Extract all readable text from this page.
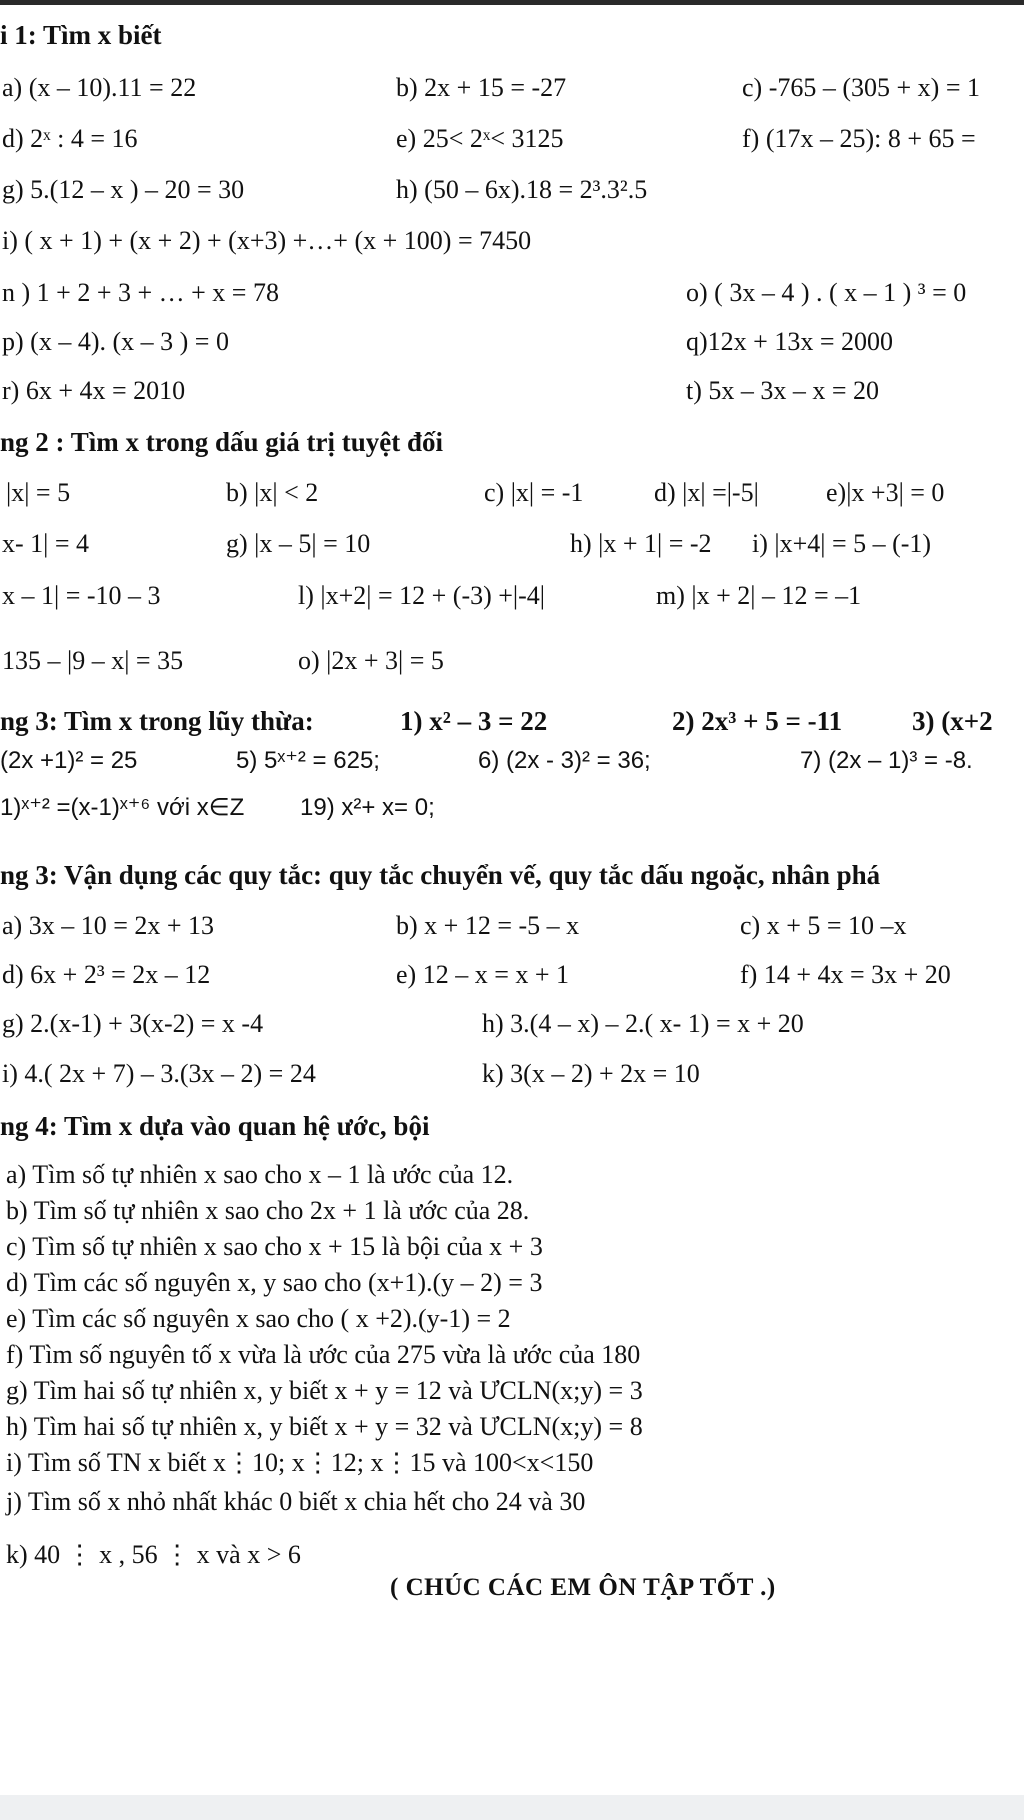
i 1: Tìm x biết
a) (x – 10).11 = 22	b) 2x + 15 = -27	c) -765 – (305 + x) = 1
d) 2ˣ : 4 = 16	e) 25< 2ˣ< 3125	f) (17x – 25): 8 + 65 =
g) 5.(12 – x ) – 20 = 30	h) (50 – 6x).18 = 2³.3².5
i) ( x + 1) + (x + 2) + (x+3) +…+ (x + 100) = 7450
n ) 1 + 2 + 3 + … + x = 78	o) ( 3x – 4 ) . ( x – 1 ) ³ = 0
p) (x – 4). (x – 3 ) = 0	q)12x + 13x = 2000
r) 6x + 4x = 2010	t) 5x – 3x – x = 20
ng 2 : Tìm x trong dấu giá trị tuyệt đối
|x| = 5	b) |x| < 2	c) |x| = -1	d) |x| =|-5|	e)|x +3| = 0
x- 1| = 4	g) |x – 5| = 10	h) |x + 1| = -2 i) |x+4| = 5 – (-1)
x – 1| = -10 – 3	l) |x+2| = 12 + (-3) +|-4|	m) |x + 2| – 12 = –1
135 – |9 – x| = 35	o) |2x + 3| = 5
ng 3: Tìm x trong lũy thừa:	1) x² – 3 = 22	2) 2x³ + 5 = -11	3) (x+2
(2x +1)² = 25	5) 5ˣ⁺² = 625;	6) (2x - 3)² = 36;	7) (2x – 1)³ = -8.
1)ˣ⁺² =(x-1)ˣ⁺⁶ với x∈Z 19) x²+ x= 0;
ng 3: Vận dụng các quy tắc: quy tắc chuyển vế, quy tắc dấu ngoặc, nhân phá
a) 3x – 10 = 2x + 13	b) x + 12 = -5 – x	c) x + 5 = 10 –x
d) 6x + 2³ = 2x – 12	e) 12 – x = x + 1	f) 14 + 4x = 3x + 20
g) 2.(x-1) + 3(x-2) = x -4	h) 3.(4 – x) – 2.( x- 1) = x + 20
i) 4.( 2x + 7) – 3.(3x – 2) = 24	k) 3(x – 2) + 2x = 10
ng 4: Tìm x dựa vào quan hệ ước, bội
a) Tìm số tự nhiên x sao cho x – 1 là ước của 12.
b) Tìm số tự nhiên x sao cho 2x + 1 là ước của 28.
c) Tìm số tự nhiên x sao cho x + 15 là bội của x + 3
d) Tìm các số nguyên x, y sao cho (x+1).(y – 2) = 3
e) Tìm các số nguyên x sao cho ( x +2).(y-1) = 2
f) Tìm số nguyên tố x vừa là ước của 275 vừa là ước của 180
g) Tìm hai số tự nhiên x, y biết x + y = 12 và ƯCLN(x;y) = 3
h) Tìm hai số tự nhiên x, y biết x + y = 32 và ƯCLN(x;y) = 8
i) Tìm số TN x biết x⋮10; x⋮12; x⋮15 và 100<x<150
j) Tìm số x nhỏ nhất khác 0 biết x chia hết cho 24 và 30
k) 40 ⋮ x , 56 ⋮ x và x > 6
( CHÚC CÁC EM ÔN TẬP TỐT .)
